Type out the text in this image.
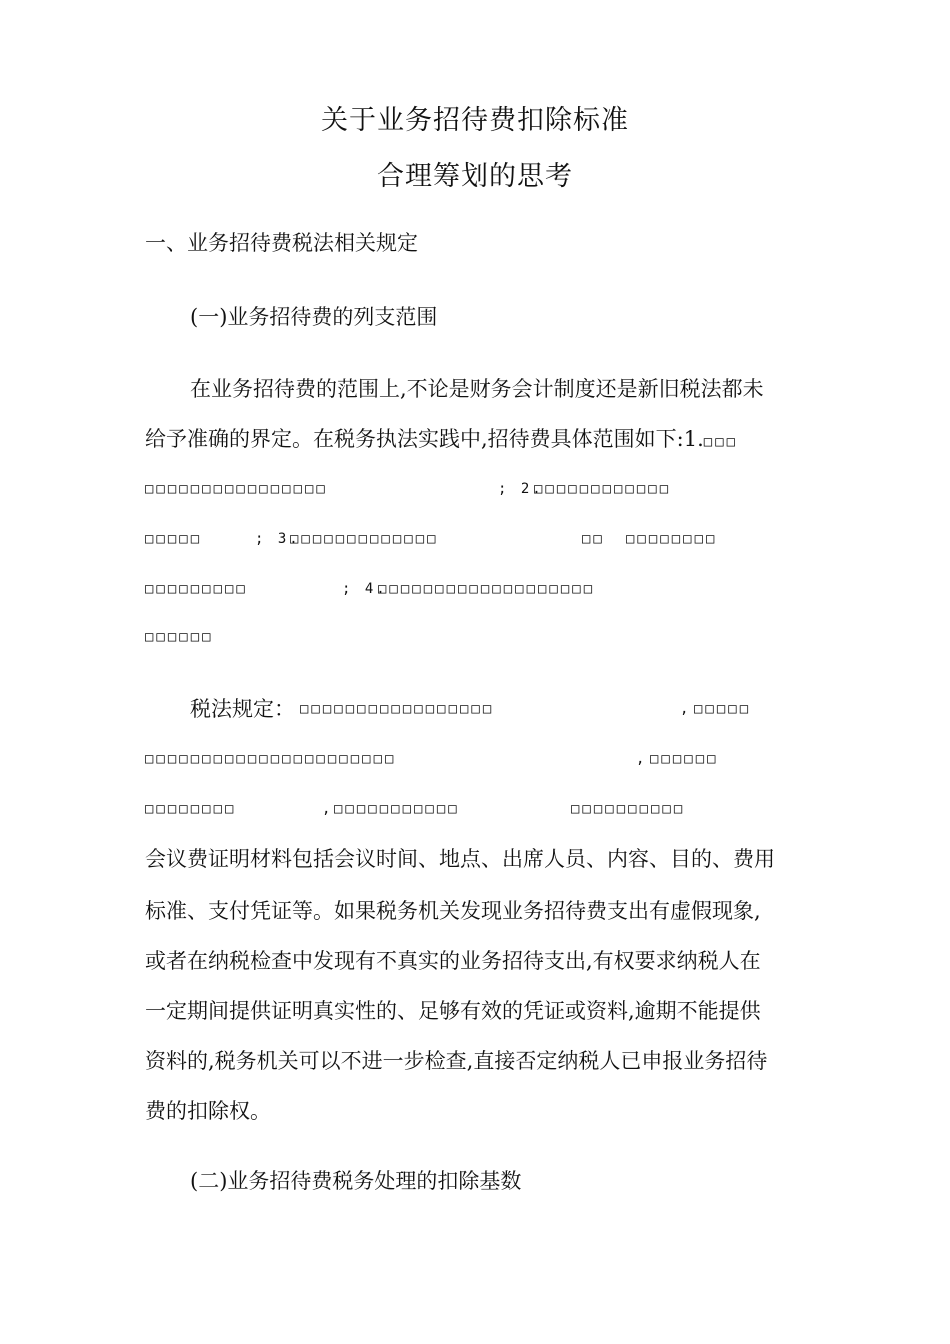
关于业务招待费扣除标准
合理筹划的思考
一、业务招待费税法相关规定
(一)业务招待费的列支范围
在业务招待费的范围上,不论是财务会计制度还是新旧税法都未
给予准确的界定。在税务执法实践中,招待费具体范围如下:1.□□□
□□□□□□□□□□□□□□□□	; 2.
□□□□□□□□□□□□
□□□□□	; 3.
□□□□□□□□□□□□□	□□ □□□□□□□□
□□□□□□□□□	; 4.
□□□□□□□□□□□□□□□□□□□
□□□□□□
税法规定： □□□□□□□□□□□□□□□□□	, □□□□□
□□□□□□□□□□□□□□□□□□□□□□	, □□□□□□
□□□□□□□□	, □□□□□□□□□□□	□□□□□□□□□□
会议费证明材料包括会议时间、地点、出席人员、内容、目的、费用
标准、支付凭证等。如果税务机关发现业务招待费支出有虚假现象,
或者在纳税检查中发现有不真实的业务招待支出,有权要求纳税人在
一定期间提供证明真实性的、足够有效的凭证或资料,逾期不能提供
资料的,税务机关可以不进一步检查,直接否定纳税人已申报业务招待
费的扣除权。
(二)业务招待费税务处理的扣除基数
